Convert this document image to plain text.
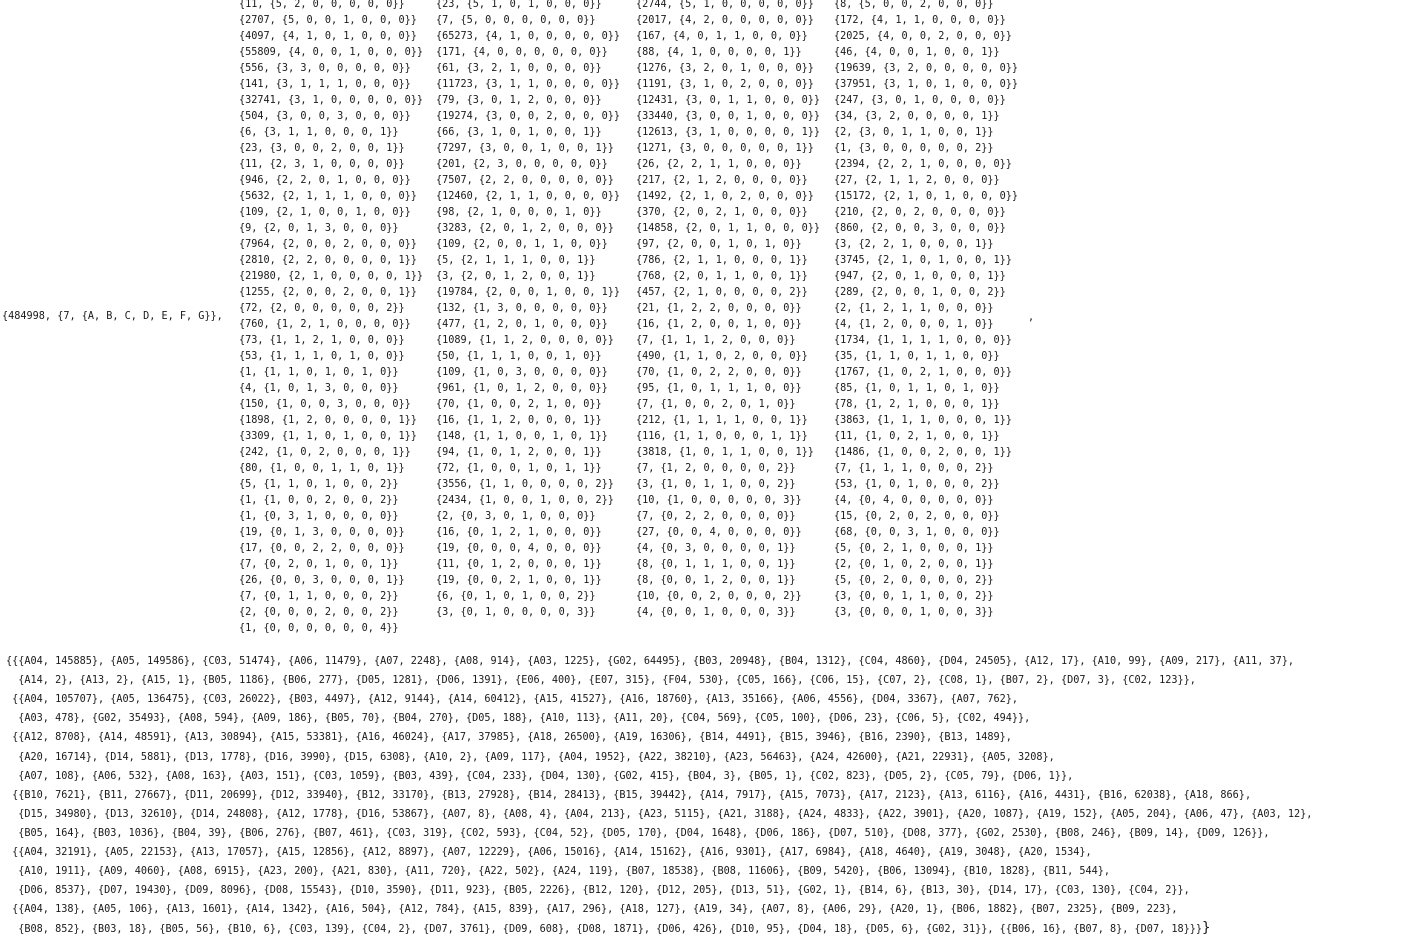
{484998, {7, {A, B, C, D, E, F, G}},
{11, {5, 2, 0, 0, 0, 0, 0}}
{2707, {5, 0, 0, 1, 0, 0, 0}}
{4097, {4, 1, 0, 1, 0, 0, 0}}
{55809, {4, 0, 0, 1, 0, 0, 0}}
{556, {3, 3, 0, 0, 0, 0, 0}}
{141, {3, 1, 1, 1, 0, 0, 0}}
{32741, {3, 1, 0, 0, 0, 0, 0}}
{504, {3, 0, 0, 3, 0, 0, 0}}
{6, {3, 1, 1, 0, 0, 0, 1}}
{23, {3, 0, 0, 2, 0, 0, 1}}
{11, {2, 3, 1, 0, 0, 0, 0}}
{946, {2, 2, 0, 1, 0, 0, 0}}
{5632, {2, 1, 1, 1, 0, 0, 0}}
{109, {2, 1, 0, 0, 1, 0, 0}}
{9, {2, 0, 1, 3, 0, 0, 0}}
{7964, {2, 0, 0, 2, 0, 0, 0}}
{2810, {2, 2, 0, 0, 0, 0, 1}}
{21980, {2, 1, 0, 0, 0, 0, 1}}
{1255, {2, 0, 0, 2, 0, 0, 1}}
{72, {2, 0, 0, 0, 0, 0, 2}}
{760, {1, 2, 1, 0, 0, 0, 0}}
{73, {1, 1, 2, 1, 0, 0, 0}}
{53, {1, 1, 1, 0, 1, 0, 0}}
{1, {1, 1, 0, 1, 0, 1, 0}}
{4, {1, 0, 1, 3, 0, 0, 0}}
{150, {1, 0, 0, 3, 0, 0, 0}}
{1898, {1, 2, 0, 0, 0, 0, 1}}
{3309, {1, 1, 0, 1, 0, 0, 1}}
{242, {1, 0, 2, 0, 0, 0, 1}}
{80, {1, 0, 0, 1, 1, 0, 1}}
{5, {1, 1, 0, 1, 0, 0, 2}}
{1, {1, 0, 0, 2, 0, 0, 2}}
{1, {0, 3, 1, 0, 0, 0, 0}}
{19, {0, 1, 3, 0, 0, 0, 0}}
{17, {0, 0, 2, 2, 0, 0, 0}}
{7, {0, 2, 0, 1, 0, 0, 1}}
{26, {0, 0, 3, 0, 0, 0, 1}}
{7, {0, 1, 1, 0, 0, 0, 2}}
{2, {0, 0, 0, 2, 0, 0, 2}}
{1, {0, 0, 0, 0, 0, 0, 4}}
{23, {5, 1, 0, 1, 0, 0, 0}}
{7, {5, 0, 0, 0, 0, 0, 0}}
{65273, {4, 1, 0, 0, 0, 0, 0}}
{171, {4, 0, 0, 0, 0, 0, 0}}
{61, {3, 2, 1, 0, 0, 0, 0}}
{11723, {3, 1, 1, 0, 0, 0, 0}}
{79, {3, 0, 1, 2, 0, 0, 0}}
{19274, {3, 0, 0, 2, 0, 0, 0}}
{66, {3, 1, 0, 1, 0, 0, 1}}
{7297, {3, 0, 0, 1, 0, 0, 1}}
{201, {2, 3, 0, 0, 0, 0, 0}}
{7507, {2, 2, 0, 0, 0, 0, 0}}
{12460, {2, 1, 1, 0, 0, 0, 0}}
{98, {2, 1, 0, 0, 0, 1, 0}}
{3283, {2, 0, 1, 2, 0, 0, 0}}
{109, {2, 0, 0, 1, 1, 0, 0}}
{5, {2, 1, 1, 1, 0, 0, 1}}
{3, {2, 0, 1, 2, 0, 0, 1}}
{19784, {2, 0, 0, 1, 0, 0, 1}}
{132, {1, 3, 0, 0, 0, 0, 0}}
{477, {1, 2, 0, 1, 0, 0, 0}}
{1089, {1, 1, 2, 0, 0, 0, 0}}
{50, {1, 1, 1, 0, 0, 1, 0}}
{109, {1, 0, 3, 0, 0, 0, 0}}
{961, {1, 0, 1, 2, 0, 0, 0}}
{70, {1, 0, 0, 2, 1, 0, 0}}
{16, {1, 1, 2, 0, 0, 0, 1}}
{148, {1, 1, 0, 0, 1, 0, 1}}
{94, {1, 0, 1, 2, 0, 0, 1}}
{72, {1, 0, 0, 1, 0, 1, 1}}
{3556, {1, 1, 0, 0, 0, 0, 2}}
{2434, {1, 0, 0, 1, 0, 0, 2}}
{2, {0, 3, 0, 1, 0, 0, 0}}
{16, {0, 1, 2, 1, 0, 0, 0}}
{19, {0, 0, 0, 4, 0, 0, 0}}
{11, {0, 1, 2, 0, 0, 0, 1}}
{19, {0, 0, 2, 1, 0, 0, 1}}
{6, {0, 1, 0, 1, 0, 0, 2}}
{3, {0, 1, 0, 0, 0, 0, 3}}
{2744, {5, 1, 0, 0, 0, 0, 0}}
{2017, {4, 2, 0, 0, 0, 0, 0}}
{167, {4, 0, 1, 1, 0, 0, 0}}
{88, {4, 1, 0, 0, 0, 0, 1}}
{1276, {3, 2, 0, 1, 0, 0, 0}}
{1191, {3, 1, 0, 2, 0, 0, 0}}
{12431, {3, 0, 1, 1, 0, 0, 0}}
{33440, {3, 0, 0, 1, 0, 0, 0}}
{12613, {3, 1, 0, 0, 0, 0, 1}}
{1271, {3, 0, 0, 0, 0, 0, 1}}
{26, {2, 2, 1, 1, 0, 0, 0}}
{217, {2, 1, 2, 0, 0, 0, 0}}
{1492, {2, 1, 0, 2, 0, 0, 0}}
{370, {2, 0, 2, 1, 0, 0, 0}}
{14858, {2, 0, 1, 1, 0, 0, 0}}
{97, {2, 0, 0, 1, 0, 1, 0}}
{786, {2, 1, 1, 0, 0, 0, 1}}
{768, {2, 0, 1, 1, 0, 0, 1}}
{457, {2, 1, 0, 0, 0, 0, 2}}
{21, {1, 2, 2, 0, 0, 0, 0}}
{16, {1, 2, 0, 0, 1, 0, 0}}
{7, {1, 1, 1, 2, 0, 0, 0}}
{490, {1, 1, 0, 2, 0, 0, 0}}
{70, {1, 0, 2, 2, 0, 0, 0}}
{95, {1, 0, 1, 1, 1, 0, 0}}
{7, {1, 0, 0, 2, 0, 1, 0}}
{212, {1, 1, 1, 1, 0, 0, 1}}
{116, {1, 1, 0, 0, 0, 1, 1}}
{3818, {1, 0, 1, 1, 0, 0, 1}}
{7, {1, 2, 0, 0, 0, 0, 2}}
{3, {1, 0, 1, 1, 0, 0, 2}}
{10, {1, 0, 0, 0, 0, 0, 3}}
{7, {0, 2, 2, 0, 0, 0, 0}}
{27, {0, 0, 4, 0, 0, 0, 0}}
{4, {0, 3, 0, 0, 0, 0, 1}}
{8, {0, 1, 1, 1, 0, 0, 1}}
{8, {0, 0, 1, 2, 0, 0, 1}}
{10, {0, 0, 2, 0, 0, 0, 2}}
{4, {0, 0, 1, 0, 0, 0, 3}}
{8, {5, 0, 0, 2, 0, 0, 0}}
{172, {4, 1, 1, 0, 0, 0, 0}}
{2025, {4, 0, 0, 2, 0, 0, 0}}
{46, {4, 0, 0, 1, 0, 0, 1}}
{19639, {3, 2, 0, 0, 0, 0, 0}}
{37951, {3, 1, 0, 1, 0, 0, 0}}
{247, {3, 0, 1, 0, 0, 0, 0}}
{34, {3, 2, 0, 0, 0, 0, 1}}
{2, {3, 0, 1, 1, 0, 0, 1}}
{1, {3, 0, 0, 0, 0, 0, 2}}
{2394, {2, 2, 1, 0, 0, 0, 0}}
{27, {2, 1, 1, 2, 0, 0, 0}}
{15172, {2, 1, 0, 1, 0, 0, 0}}
{210, {2, 0, 2, 0, 0, 0, 0}}
{860, {2, 0, 0, 3, 0, 0, 0}}
{3, {2, 2, 1, 0, 0, 0, 1}}
{3745, {2, 1, 0, 1, 0, 0, 1}}
{947, {2, 0, 1, 0, 0, 0, 1}}
{289, {2, 0, 0, 1, 0, 0, 2}}
{2, {1, 2, 1, 1, 0, 0, 0}}
{4, {1, 2, 0, 0, 0, 1, 0}}
{1734, {1, 1, 1, 1, 0, 0, 0}}
{35, {1, 1, 0, 1, 1, 0, 0}}
{1767, {1, 0, 2, 1, 0, 0, 0}}
{85, {1, 0, 1, 1, 0, 1, 0}}
{78, {1, 2, 1, 0, 0, 0, 1}}
{3863, {1, 1, 1, 0, 0, 0, 1}}
{11, {1, 0, 2, 1, 0, 0, 1}}
{1486, {1, 0, 0, 2, 0, 0, 1}}
{7, {1, 1, 1, 0, 0, 0, 2}}
{53, {1, 0, 1, 0, 0, 0, 2}}
{4, {0, 4, 0, 0, 0, 0, 0}}
{15, {0, 2, 0, 2, 0, 0, 0}}
{68, {0, 0, 3, 1, 0, 0, 0}}
{5, {0, 2, 1, 0, 0, 0, 1}}
{2, {0, 1, 0, 2, 0, 0, 1}}
{5, {0, 2, 0, 0, 0, 0, 2}}
{3, {0, 0, 1, 1, 0, 0, 2}}
{3, {0, 0, 0, 1, 0, 0, 3}}
,
{{{A04, 145885}, {A05, 149586}, {C03, 51474}, {A06, 11479}, {A07, 2248}, {A08, 914}, {A03, 1225}, {G02, 64495}, {B03, 20948}, {B04, 1312}, {C04, 4860}, {D04, 24505}, {A12, 17}, {A10, 99}, {A09, 217}, {A11, 37},
{A14, 2}, {A13, 2}, {A15, 1}, {B05, 1186}, {B06, 277}, {D05, 1281}, {D06, 1391}, {E06, 400}, {E07, 315}, {F04, 530}, {C05, 166}, {C06, 15}, {C07, 2}, {C08, 1}, {B07, 2}, {D07, 3}, {C02, 123}},
{{A04, 105707}, {A05, 136475}, {C03, 26022}, {B03, 4497}, {A12, 9144}, {A14, 60412}, {A15, 41527}, {A16, 18760}, {A13, 35166}, {A06, 4556}, {D04, 3367}, {A07, 762},
{A03, 478}, {G02, 35493}, {A08, 594}, {A09, 186}, {B05, 70}, {B04, 270}, {D05, 188}, {A10, 113}, {A11, 20}, {C04, 569}, {C05, 100}, {D06, 23}, {C06, 5}, {C02, 494}},
{{A12, 8708}, {A14, 48591}, {A13, 30894}, {A15, 53381}, {A16, 46024}, {A17, 37985}, {A18, 26500}, {A19, 16306}, {B14, 4491}, {B15, 3946}, {B16, 2390}, {B13, 1489},
{A20, 16714}, {D14, 5881}, {D13, 1778}, {D16, 3990}, {D15, 6308}, {A10, 2}, {A09, 117}, {A04, 1952}, {A22, 38210}, {A23, 56463}, {A24, 42600}, {A21, 22931}, {A05, 3208},
{A07, 108}, {A06, 532}, {A08, 163}, {A03, 151}, {C03, 1059}, {B03, 439}, {C04, 233}, {D04, 130}, {G02, 415}, {B04, 3}, {B05, 1}, {C02, 823}, {D05, 2}, {C05, 79}, {D06, 1}},
{{B10, 7621}, {B11, 27667}, {D11, 20699}, {D12, 33940}, {B12, 33170}, {B13, 27928}, {B14, 28413}, {B15, 39442}, {A14, 7917}, {A15, 7073}, {A17, 2123}, {A13, 6116}, {A16, 4431}, {B16, 62038}, {A18, 866},
{D15, 34980}, {D13, 32610}, {D14, 24808}, {A12, 1778}, {D16, 53867}, {A07, 8}, {A08, 4}, {A04, 213}, {A23, 5115}, {A21, 3188}, {A24, 4833}, {A22, 3901}, {A20, 1087}, {A19, 152}, {A05, 204}, {A06, 47}, {A03, 12},
{B05, 164}, {B03, 1036}, {B04, 39}, {B06, 276}, {B07, 461}, {C03, 319}, {C02, 593}, {C04, 52}, {D05, 170}, {D04, 1648}, {D06, 186}, {D07, 510}, {D08, 377}, {G02, 2530}, {B08, 246}, {B09, 14}, {D09, 126}},
{{A04, 32191}, {A05, 22153}, {A13, 17057}, {A15, 12856}, {A12, 8897}, {A07, 12229}, {A06, 15016}, {A14, 15162}, {A16, 9301}, {A17, 6984}, {A18, 4640}, {A19, 3048}, {A20, 1534},
{A10, 1911}, {A09, 4060}, {A08, 6915}, {A23, 200}, {A21, 830}, {A11, 720}, {A22, 502}, {A24, 119}, {B07, 18538}, {B08, 11606}, {B09, 5420}, {B06, 13094}, {B10, 1828}, {B11, 544},
{D06, 8537}, {D07, 19430}, {D09, 8096}, {D08, 15543}, {D10, 3590}, {D11, 923}, {B05, 2226}, {B12, 120}, {D12, 205}, {D13, 51}, {G02, 1}, {B14, 6}, {B13, 30}, {D14, 17}, {C03, 130}, {C04, 2}},
{{A04, 138}, {A05, 106}, {A13, 1601}, {A14, 1342}, {A16, 504}, {A12, 784}, {A15, 839}, {A17, 296}, {A18, 127}, {A19, 34}, {A07, 8}, {A06, 29}, {A20, 1}, {B06, 1882}, {B07, 2325}, {B09, 223},
{B08, 852}, {B03, 18}, {B05, 56}, {B10, 6}, {C03, 139}, {C04, 2}, {D07, 3761}, {D09, 608}, {D08, 1871}, {D06, 426}, {D10, 95}, {D04, 18}, {D05, 6}, {G02, 31}}, {{B06, 16}, {B07, 8}, {D07, 18}}}}
